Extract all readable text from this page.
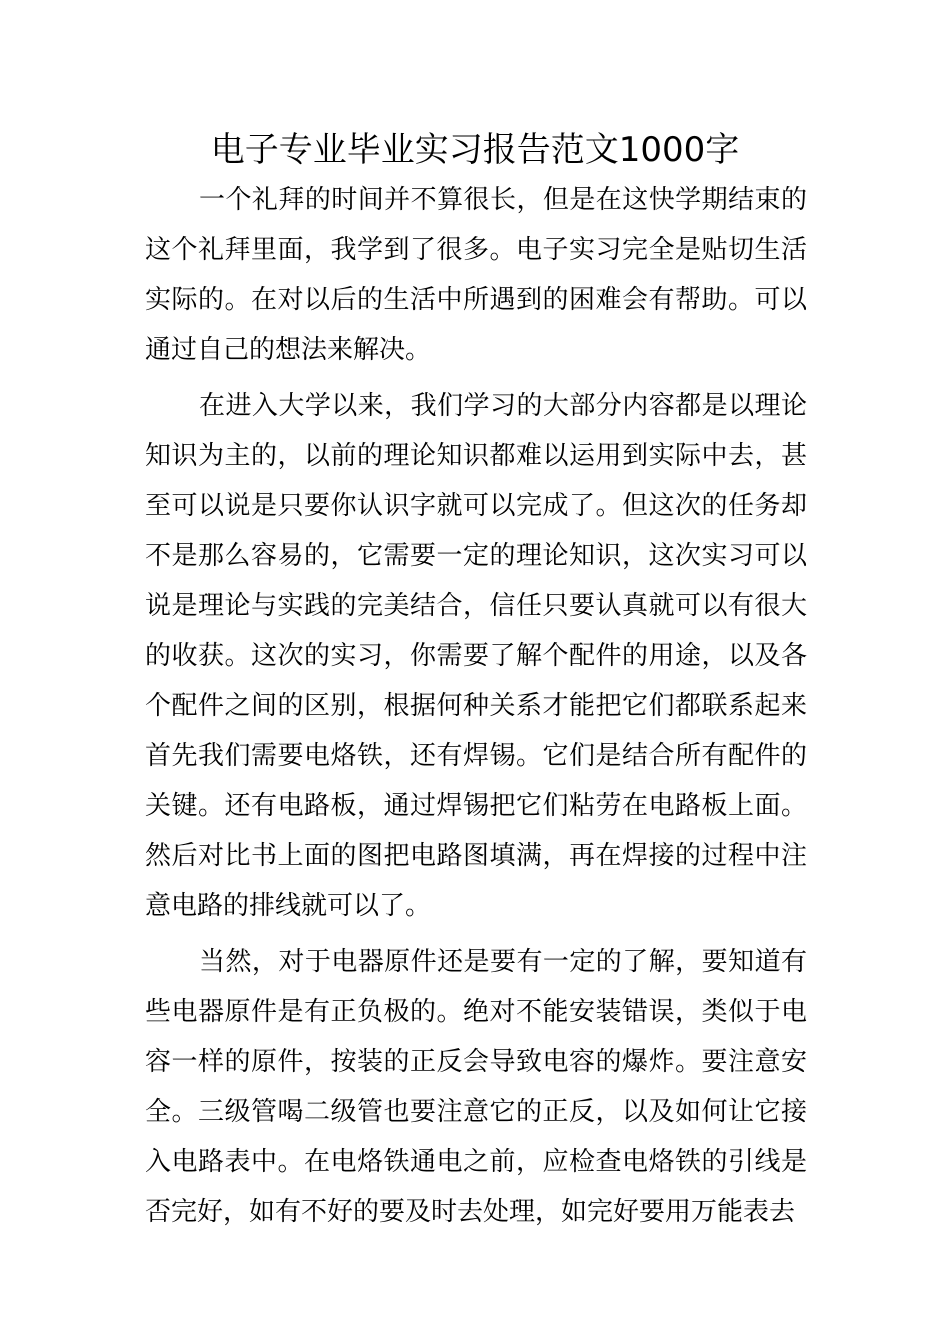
电子专业毕业实习报告范文1000字

一个礼拜的时间并不算很长，但是在这快学期结束的这个礼拜里面，我学到了很多。电子实习完全是贴切生活实际的。在对以后的生活中所遇到的困难会有帮助。可以通过自己的想法来解决。

在进入大学以来，我们学习的大部分内容都是以理论知识为主的，以前的理论知识都难以运用到实际中去，甚至可以说是只要你认识字就可以完成了。但这次的任务却不是那么容易的，它需要一定的理论知识，这次实习可以说是理论与实践的完美结合，信任只要认真就可以有很大的收获。这次的实习，你需要了解个配件的用途，以及各个配件之间的区别，根据何种关系才能把它们都联系起来首先我们需要电烙铁，还有焊锡。它们是结合所有配件的关键。还有电路板，通过焊锡把它们粘劳在电路板上面。然后对比书上面的图把电路图填满，再在焊接的过程中注意电路的排线就可以了。

当然，对于电器原件还是要有一定的了解，要知道有些电器原件是有正负极的。绝对不能安装错误，类似于电容一样的原件，按装的正反会导致电容的爆炸。要注意安全。三级管喝二级管也要注意它的正反，以及如何让它接入电路表中。在电烙铁通电之前，应检查电烙铁的引线是否完好，如有不好的要及时去处理，如完好要用万能表去
